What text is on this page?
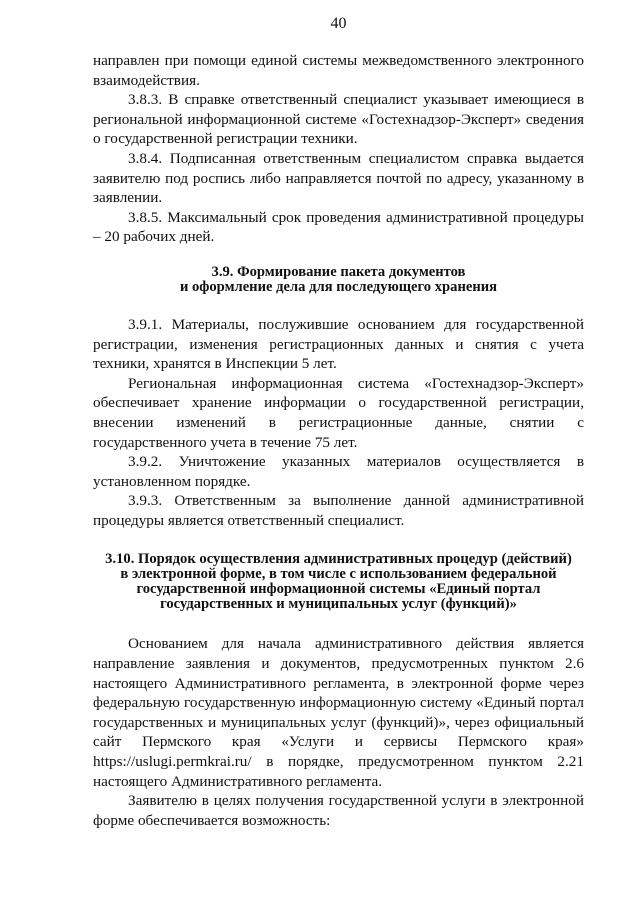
40

направлен при помощи единой системы межведомственного электронного взаимодействия.

3.8.3. В справке ответственный специалист указывает имеющиеся в региональной информационной системе «Гостехнадзор-Эксперт» сведения о государственной регистрации техники.

3.8.4. Подписанная ответственным специалистом справка выдается заявителю под роспись либо направляется почтой по адресу, указанному в заявлении.

3.8.5. Максимальный срок проведения административной процедуры – 20 рабочих дней.

3.9. Формирование пакета документов

и оформление дела для последующего хранения

3.9.1. Материалы, послужившие основанием для государственной регистрации, изменения регистрационных данных и снятия с учета техники, хранятся в Инспекции 5 лет.

Региональная информационная система «Гостехнадзор-Эксперт» обеспечивает хранение информации о государственной регистрации, внесении изменений в регистрационные данные, снятии с государственного учета в течение 75 лет.

3.9.2. Уничтожение указанных материалов осуществляется в установленном порядке.

3.9.3. Ответственным за выполнение данной административной процедуры является ответственный специалист.

3.10. Порядок осуществления административных процедур (действий)

в электронной форме, в том числе с использованием федеральной

государственной информационной системы «Единый портал

государственных и муниципальных услуг (функций)»

Основанием для начала административного действия является направление заявления и документов, предусмотренных пунктом 2.6 настоящего Административного регламента, в электронной форме через федеральную государственную информационную систему «Единый портал государственных и муниципальных услуг (функций)», через официальный сайт Пермского края «Услуги и сервисы Пермского края» https://uslugi.permkrai.ru/ в порядке, предусмотренном пунктом 2.21 настоящего Административного регламента.

Заявителю в целях получения государственной услуги в электронной форме обеспечивается возможность:
